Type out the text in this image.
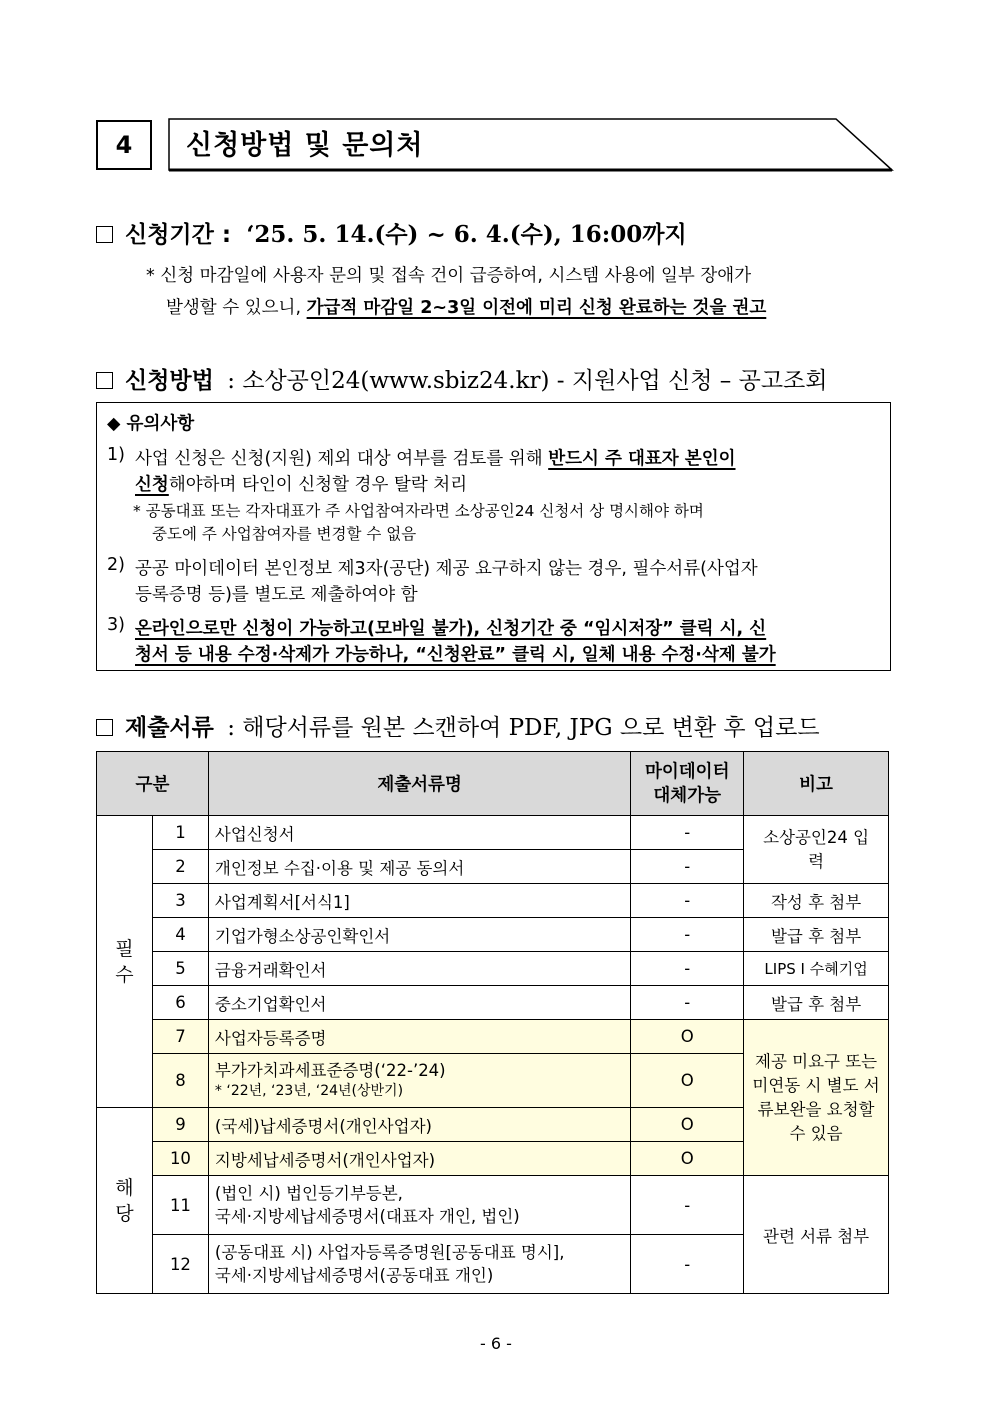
4	신청방법 및 문의처
신청기간 : ‘25. 5. 14.(수) ~ 6. 4.(수), 16:00까지
* 신청 마감일에 사용자 문의 및 접속 건이 급증하여, 시스템 사용에 일부 장애가
발생할 수 있으니, 가급적 마감일 2~3일 이전에 미리 신청 완료하는 것을 권고
신청방법 : 소상공인24(www.sbiz24.kr) - 지원사업 신청 – 공고조회
◆ 유의사항
1) 사업 신청은 신청(지원) 제외 대상 여부를 검토를 위해 반드시 주 대표자 본인이
신청해야하며 타인이 신청할 경우 탈락 처리
* 공동대표 또는 각자대표가 주 사업참여자라면 소상공인24 신청서 상 명시해야 하며
중도에 주 사업참여자를 변경할 수 없음
2) 공공 마이데이터 본인정보 제3자(공단) 제공 요구하지 않는 경우, 필수서류(사업자
등록증명 등)를 별도로 제출하여야 함
3) 온라인으로만 신청이 가능하고(모바일 불가), 신청기간 중 “임시저장” 클릭 시, 신
청서 등 내용 수정·삭제가 가능하나, “신청완료” 클릭 시, 일체 내용 수정·삭제 불가
제출서류 : 해당서류를 원본 스캔하여 PDF, JPG 으로 변환 후 업로드
구분		제출서류명	마이데이터 대체가능	비고
필 수	1	사업신청서	-	소상공인24 입력
	2	개인정보 수집·이용 및 제공 동의서	-	
	3	사업계획서[서식1]	-	작성 후 첨부
	4	기업가형소상공인확인서	-	발급 후 첨부
	5	금융거래확인서	-	LIPS I 수혜기업
	6	중소기업확인서	-	발급 후 첨부
	7	사업자등록증명	O	제공 미요구 또는 미연동 시 별도 서류보완을 요청할 수 있음
	8	부가가치과세표준증명(‘22-’24)
* ‘22년, ‘23년, ‘24년(상반기)	O	
해 당	9	(국세)납세증명서(개인사업자)	O	
	10	지방세납세증명서(개인사업자)	O	
	11	(법인 시) 법인등기부등본,
국세·지방세납세증명서(대표자 개인, 법인)	-	관련 서류 첨부
	12	(공동대표 시) 사업자등록증명원[공동대표 명시],
국세·지방세납세증명서(공동대표 개인)	-	
- 6 -
